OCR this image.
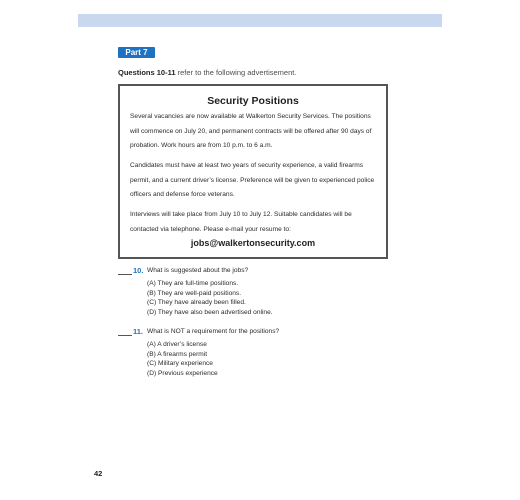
Part 7
Questions 10-11 refer to the following advertisement.
Security Positions
Several vacancies are now available at Walkerton Security Services. The positions will commence on July 20, and permanent contracts will be offered after 90 days of probation. Work hours are from 10 p.m. to 6 a.m.
Candidates must have at least two years of security experience, a valid firearms permit, and a current driver’s license. Preference will be given to experienced police officers and defense force veterans.
Interviews will take place from July 10 to July 12. Suitable candidates will be contacted via telephone. Please e-mail your resume to:
jobs@walkertonsecurity.com
10. What is suggested about the jobs?
(A) They are full-time positions.
(B) They are well-paid positions.
(C) They have already been filled.
(D) They have also been advertised online.
11. What is NOT a requirement for the positions?
(A) A driver’s license
(B) A firearms permit
(C) Military experience
(D) Previous experience
42
